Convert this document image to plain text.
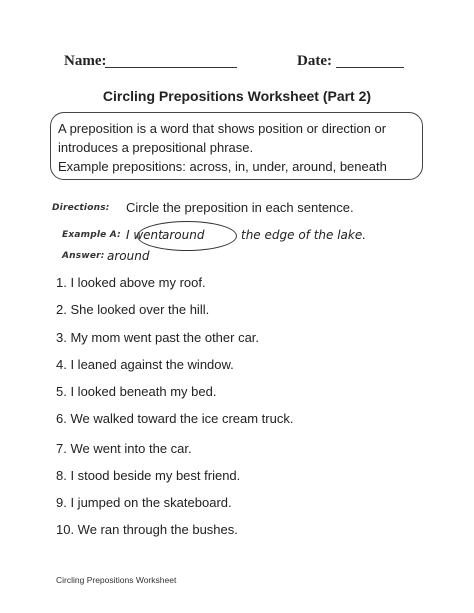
Name:	Date:
Circling Prepositions Worksheet (Part 2)
A preposition is a word that shows position or direction or
introduces a prepositional phrase.
Example prepositions: across, in, under, around, beneath
Directions: Circle the preposition in each sentence.
Example A: I went around	the edge of the lake.
Answer: around
1. I looked above my roof.
2. She looked over the hill.
3. My mom went past the other car.
4. I leaned against the window.
5. I looked beneath my bed.
6. We walked toward the ice cream truck.
7. We went into the car.
8. I stood beside my best friend.
9. I jumped on the skateboard.
10. We ran through the bushes.
Circling Prepositions Worksheet
